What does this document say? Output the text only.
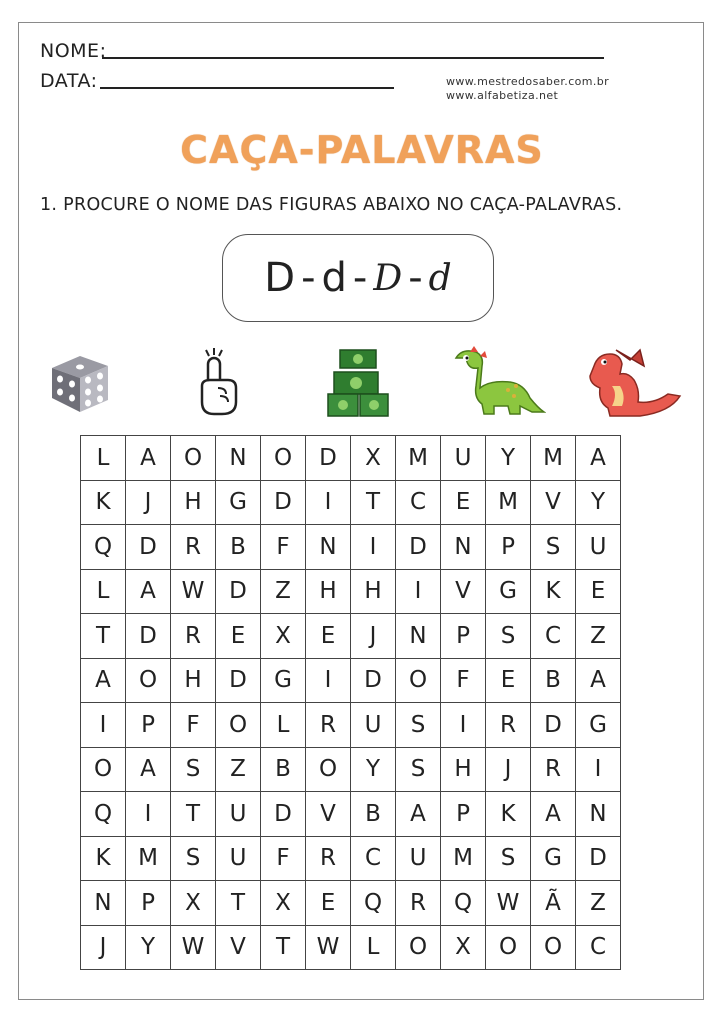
NOME:
DATA:	www.mestredosaber.com.br
www.alfabetiza.net
CAÇA-PALAVRAS
1. PROCURE O NOME DAS FIGURAS ABAIXO NO CAÇA-PALAVRAS.
D - d - D - d
L	A	O	N	O	D	X	M	U	Y	M	A
K	J	H	G	D	I	T	C	E	M	V	Y
Q	D	R	B	F	N	I	D	N	P	S	U
L	A	W	D	Z	H	H	I	V	G	K	E
T	D	R	E	X	E	J	N	P	S	C	Z
A	O	H	D	G	I	D	O	F	E	B	A
I	P	F	O	L	R	U	S	I	R	D	G
O	A	S	Z	B	O	Y	S	H	J	R	I
Q	I	T	U	D	V	B	A	P	K	A	N
K	M	S	U	F	R	C	U	M	S	G	D
N	P	X	T	X	E	Q	R	Q	W	Ã	Z
J	Y	W	V	T	W	L	O	X	O	O	C
